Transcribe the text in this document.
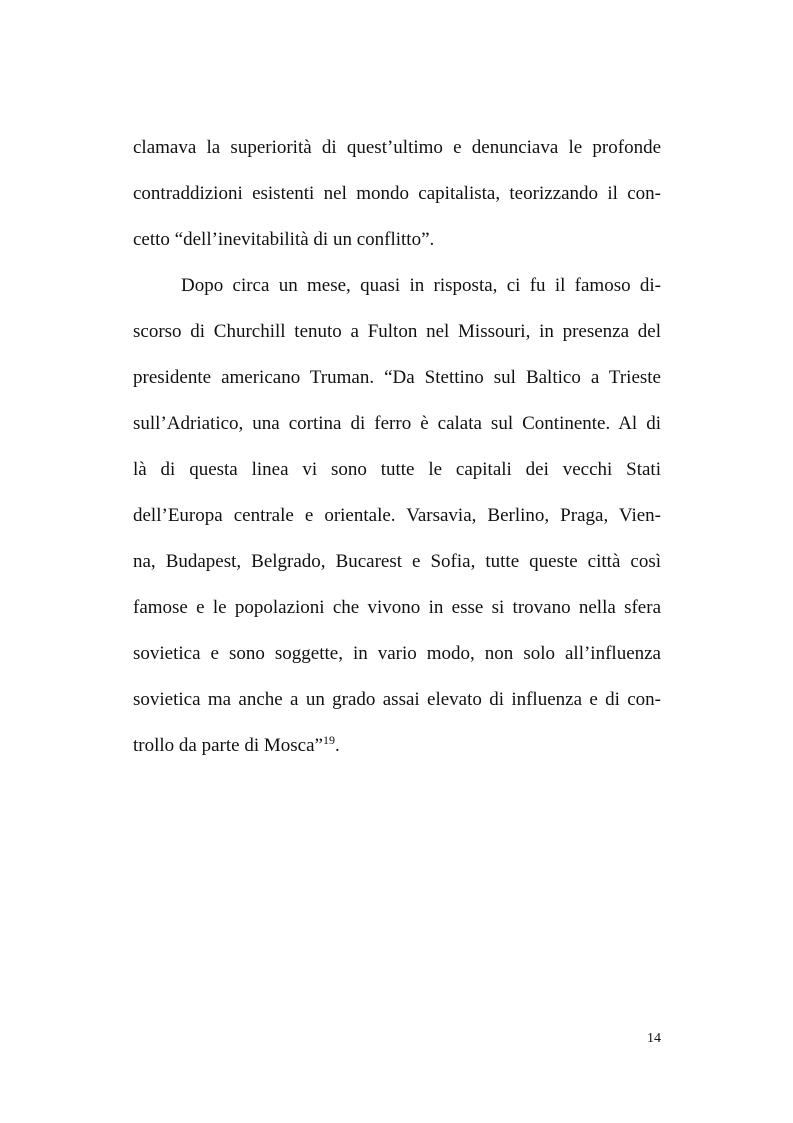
clamava la superiorità di quest’ultimo e denunciava le profonde
contraddizioni esistenti nel mondo capitalista, teorizzando il con-
cetto “dell’inevitabilità di un conflitto”.
Dopo circa un mese, quasi in risposta, ci fu il famoso di-
scorso di Churchill tenuto a Fulton nel Missouri, in presenza del
presidente americano Truman. “Da Stettino sul Baltico a Trieste
sull’Adriatico, una cortina di ferro è calata sul Continente. Al di
là di questa linea vi sono tutte le capitali dei vecchi Stati
dell’Europa centrale e orientale. Varsavia, Berlino, Praga, Vien-
na, Budapest, Belgrado, Bucarest e Sofia, tutte queste città così
famose e le popolazioni che vivono in esse si trovano nella sfera
sovietica e sono soggette, in vario modo, non solo all’influenza
sovietica ma anche a un grado assai elevato di influenza e di con-
trollo da parte di Mosca”$^{19}$.
14
